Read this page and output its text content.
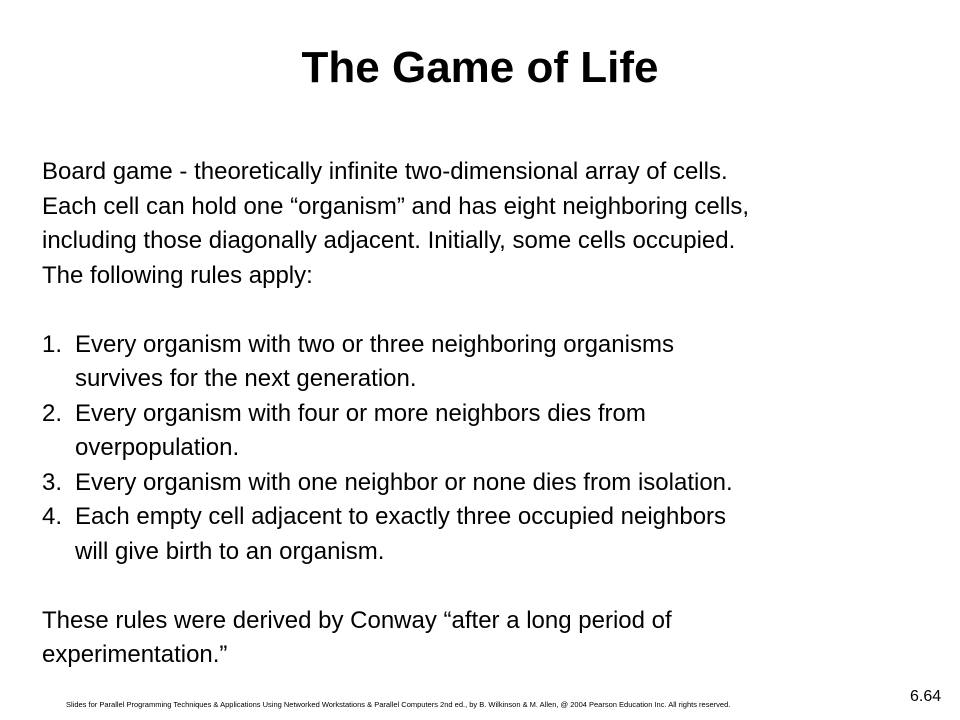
The Game of Life

Board game - theoretically infinite two-dimensional array of cells.
Each cell can hold one “organism” and has eight neighboring cells,
including those diagonally adjacent. Initially, some cells occupied.
The following rules apply:

1. Every organism with two or three neighboring organisms
survives for the next generation.
2. Every organism with four or more neighbors dies from
overpopulation.
3. Every organism with one neighbor or none dies from isolation.
4. Each empty cell adjacent to exactly three occupied neighbors
will give birth to an organism.

These rules were derived by Conway “after a long period of
experimentation.”

Slides for Parallel Programming Techniques & Applications Using Networked Workstations & Parallel Computers 2nd ed., by B. Wilkinson & M. Allen, @ 2004 Pearson Education Inc. All rights reserved.	6.64
